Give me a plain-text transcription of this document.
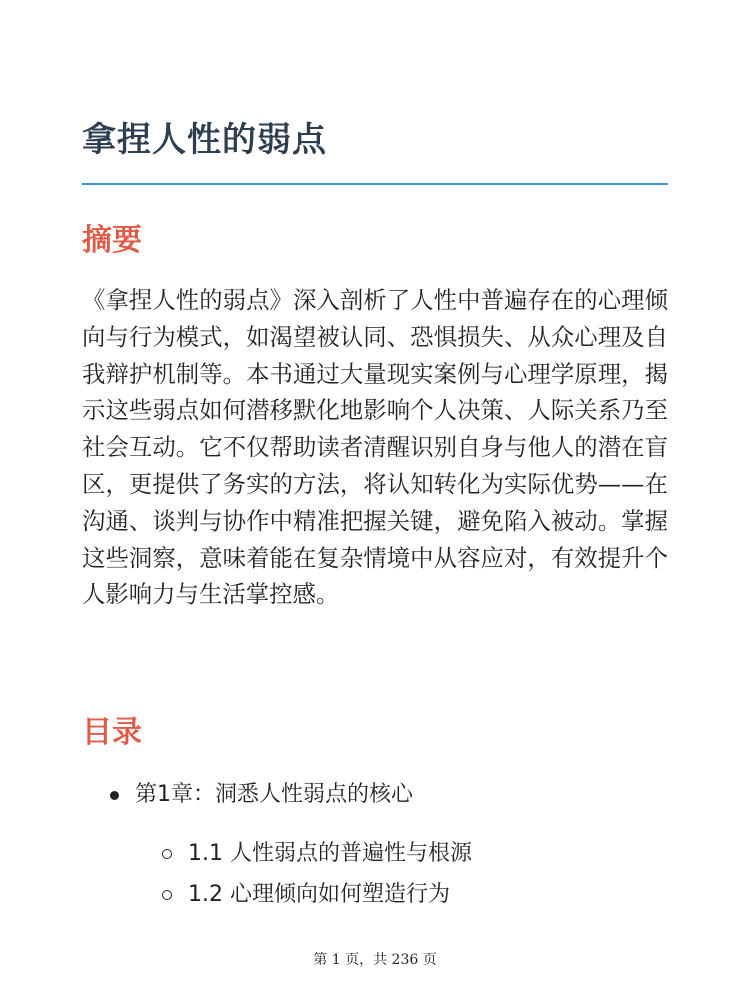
拿捏人性的弱点
摘要

《拿捏人性的弱点》深入剖析了人性中普遍存在的心理倾向与行为模式，如渴望被认同、恐惧损失、从众心理及自我辩护机制等。本书通过大量现实案例与心理学原理，揭示这些弱点如何潜移默化地影响个人决策、人际关系乃至社会互动。它不仅帮助读者清醒识别自身与他人的潜在盲区，更提供了务实的方法，将认知转化为实际优势——在沟通、谈判与协作中精准把握关键，避免陷入被动。掌握这些洞察，意味着能在复杂情境中从容应对，有效提升个人影响力与生活掌控感。

目录
第1章：洞悉人性弱点的核心
1.1 人性弱点的普遍性与根源
1.2 心理倾向如何塑造行为
第 1 页，共 236 页
